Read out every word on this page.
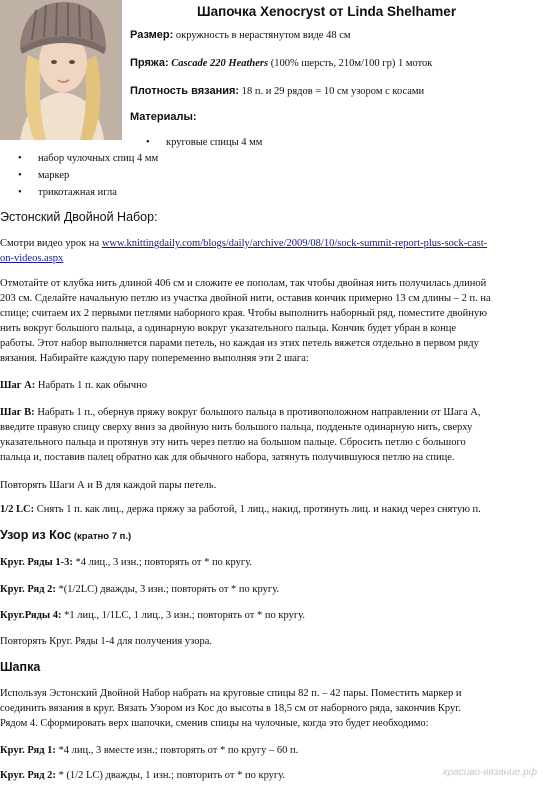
Шапочка Xenocryst от Linda Shelhamer

Размер: окружность в нерастянутом виде 48 см

Пряжа: Cascade 220 Heathers (100% шерсть, 210м/100 гр) 1 моток

Плотность вязания: 18 п. и 29 рядов = 10 см узором с косами

Материалы:

• круговые спицы 4 мм

• набор чулочных спиц 4 мм

• маркер

• трикотажная игла

Эстонский Двойной Набор:

Смотри видео урок на www.knittingdaily.com/blogs/daily/archive/2009/08/10/sock-summit-report-plus-sock-cast-

on-videos.aspx

Отмотайте от клубка нить длиной 406 см и сложите ее пополам, так чтобы двойная нить получилась длиной

203 см. Сделайте начальную петлю из участка двойной нити, оставив кончик примерно 13 см длины – 2 п. на

спице; считаем их 2 первыми петлями наборного края. Чтобы выполнить наборный ряд, поместите двойную

нить вокруг большого пальца, а одинарную вокруг указательного пальца. Кончик будет убран в конце

работы. Этот набор выполняется парами петель, но каждая из этих петель вяжется отдельно в первом ряду

вязания. Набирайте каждую пару попеременно выполняя эти 2 шага:

Шаг А: Набрать 1 п. как обычно

Шаг В: Набрать 1 п., обернув пряжу вокруг большого пальца в противоположном направлении от Шага А,

введите правую спицу сверху вниз за двойную нить большого пальца, подденьте одинарную нить, сверху

указательного пальца и протянув эту нить через петлю на большом пальце. Сбросить петлю с большого

пальца и, поставив палец обратно как для обычного набора, затянуть получившуюся петлю на спице.

Повторять Шаги А и В для каждой пары петель.

1/2 LC: Снять 1 п. как лиц., держа пряжу за работой, 1 лиц., накид, протянуть лиц. и накид через снятую п.

Узор из Кос (кратно 7 п.)

Круг. Ряды 1-3: *4 лиц., 3 изн.; повторять от * по кругу.

Круг. Ряд 2: *(1/2LC) дважды, 3 изн.; повторять от * по кругу.

Круг.Ряды 4: *1 лиц., 1/1LC, 1 лиц., 3 изн.; повторять от * по кругу.

Повторять Круг. Ряды 1-4 для получения узора.

Шапка

Используя Эстонский Двойной Набор набрать на круговые спицы 82 п. – 42 пары. Поместить маркер и

соединить вязания в круг. Вязать Узором из Кос до высоты в 18,5 см от наборного ряда, закончив Круг.

Рядом 4. Сформировать верх шапочки, сменив спицы на чулочные, когда это будет необходимо:

Круг. Ряд 1: *4 лиц., 3 вместе изн.; повторять от * по кругу – 60 п.

Круг. Ряд 2: * (1/2 LC) дважды, 1 изн.; повторить от * по кругу.	красиво-вязание.рф
